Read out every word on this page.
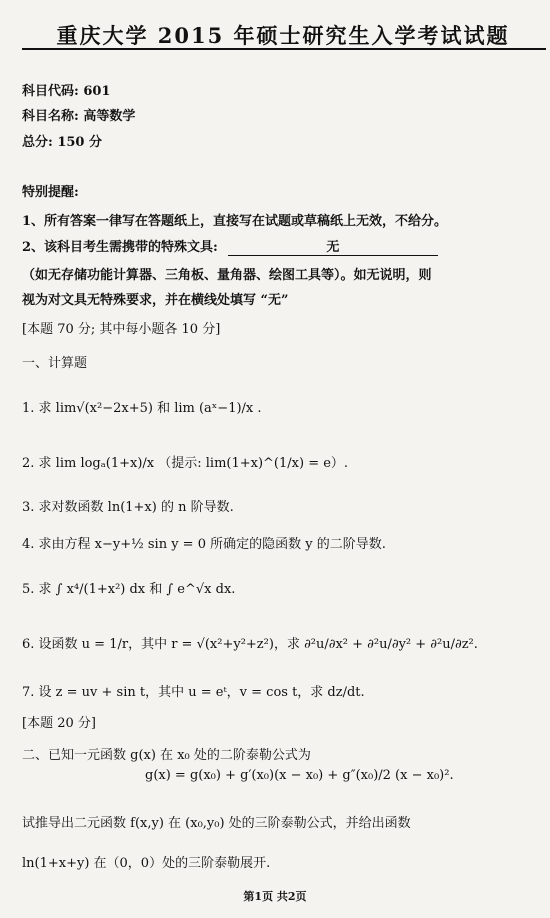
重庆大学 2015 年硕士研究生入学考试试题
科目代码: 601
科目名称: 高等数学
总分: 150 分
特别提醒:
1、所有答案一律写在答题纸上，直接写在试题或草稿纸上无效，不给分。
2、该科目考生需携带的特殊文具:	无
（如无存储功能计算器、三角板、量角器、绘图工具等）。如无说明，则
视为对文具无特殊要求，并在横线处填写 “无”
[本题 70 分; 其中每小题各 10 分]
一、计算题
1. 求 lim√(x²−2x+5) 和 lim (aˣ−1)/x .
2. 求 lim logₐ(1+x)/x （提示: lim(1+x)^(1/x) = e）.
3. 求对数函数 ln(1+x) 的 n 阶导数.
4. 求由方程 x−y+½ sin y = 0 所确定的隐函数 y 的二阶导数.
5. 求 ∫ x⁴/(1+x²) dx 和 ∫ e^√x dx.
6. 设函数 u = 1/r，其中 r = √(x²+y²+z²)，求 ∂²u/∂x² + ∂²u/∂y² + ∂²u/∂z².
7. 设 z = uv + sin t，其中 u = eᵗ，v = cos t，求 dz/dt.
[本题 20 分]
二、已知一元函数 g(x) 在 x₀ 处的二阶泰勒公式为
g(x) = g(x₀) + g′(x₀)(x − x₀) + g″(x₀)/2 (x − x₀)².
试推导出二元函数 f(x,y) 在 (x₀,y₀) 处的三阶泰勒公式，并给出函数
ln(1+x+y) 在（0，0）处的三阶泰勒展开.
第1页 共2页
